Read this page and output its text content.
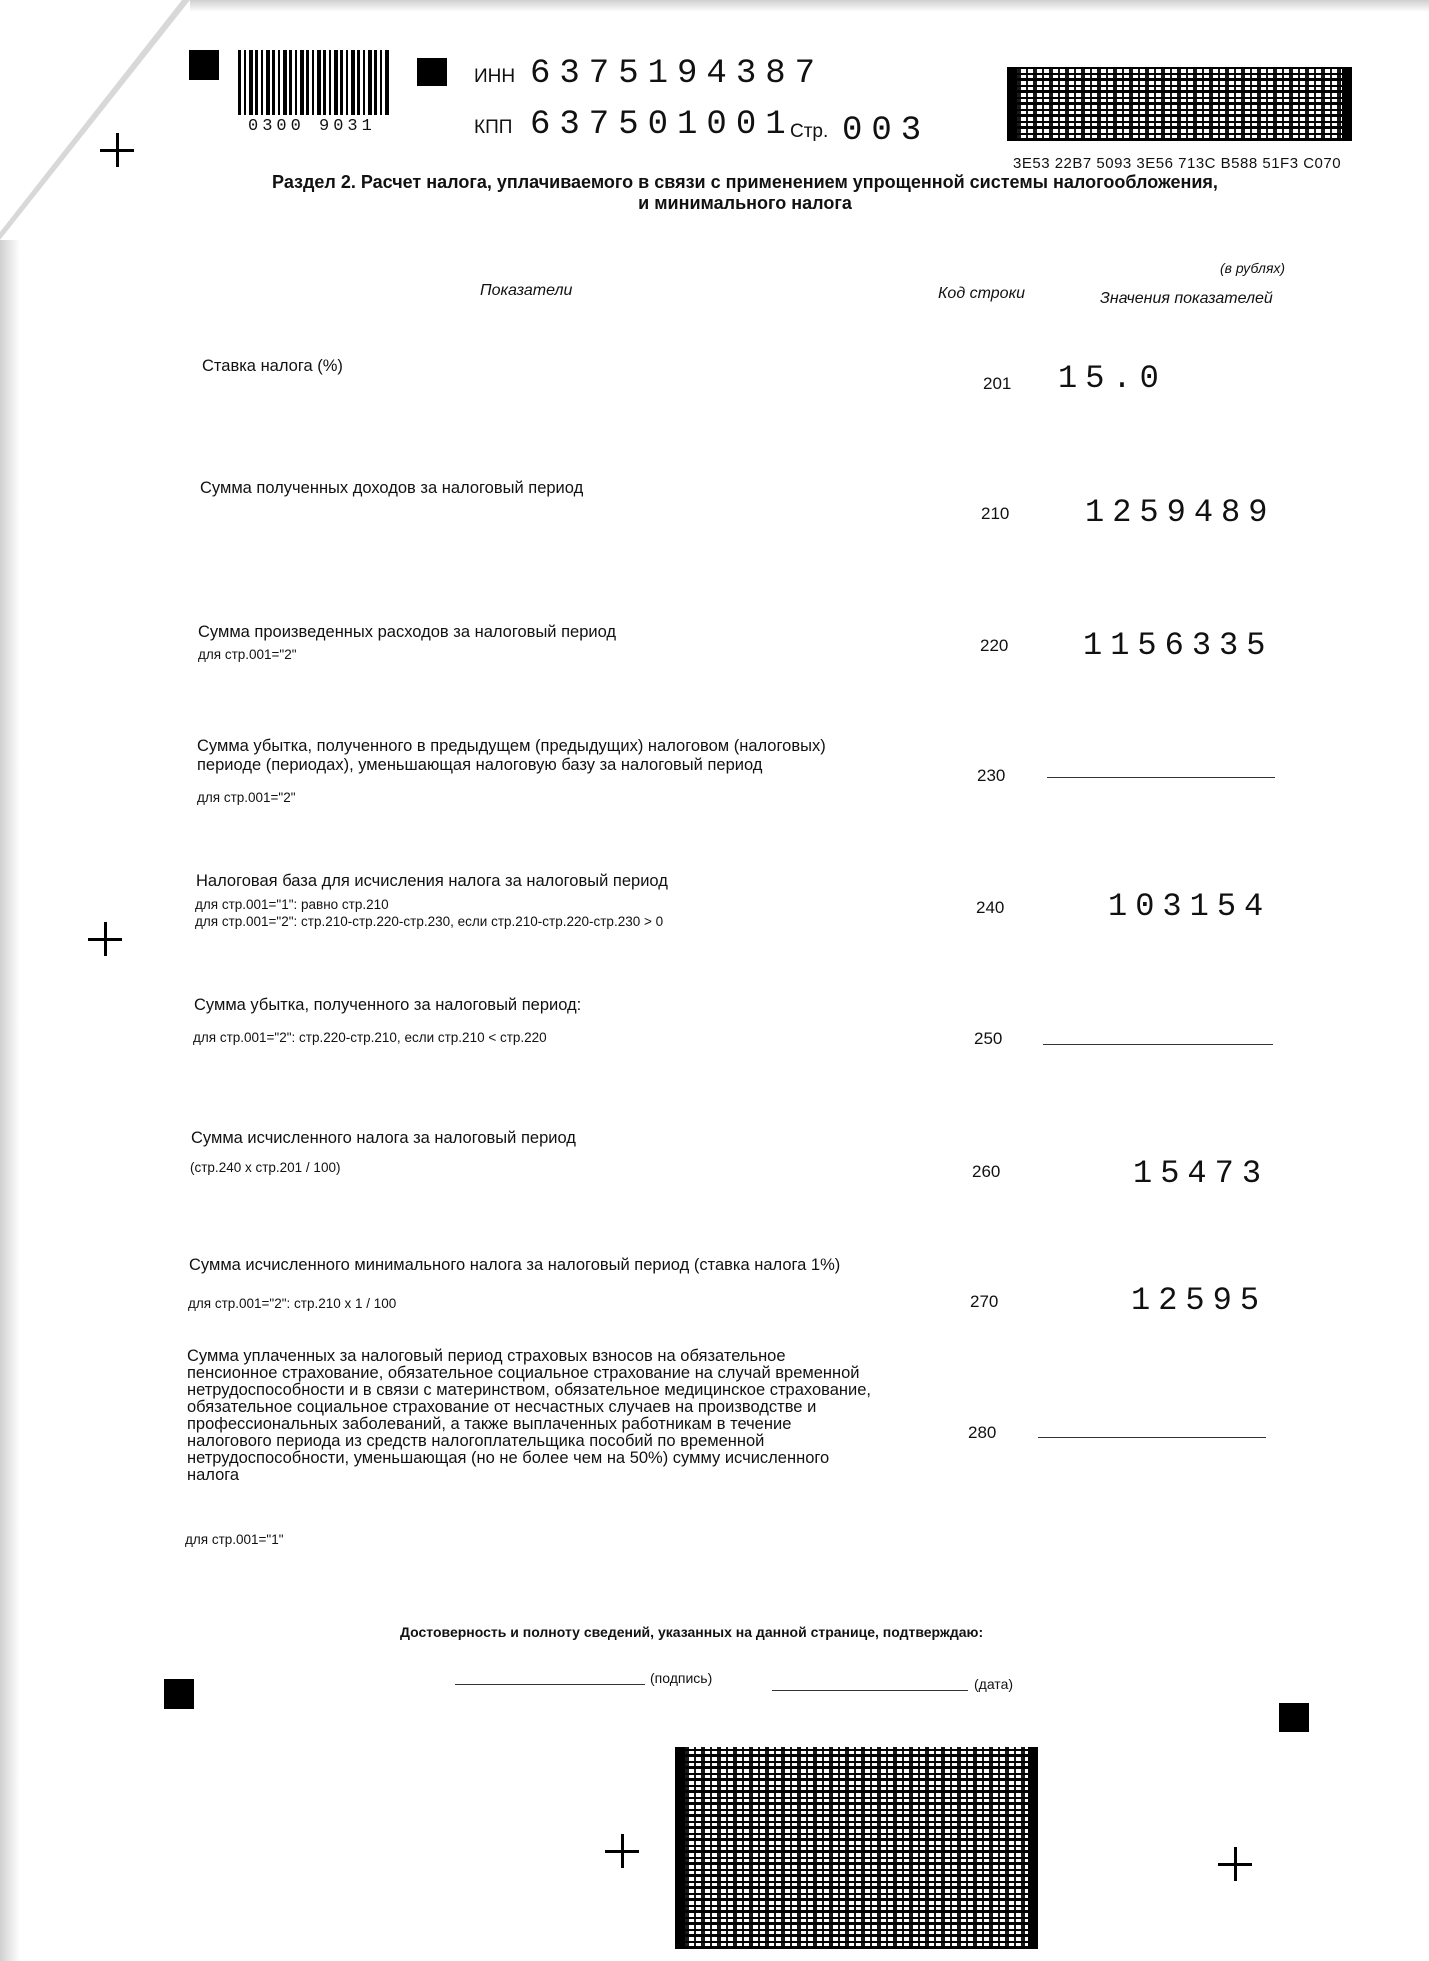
0300 9031
ИНН 6375194387
КПП 637501001
Стр. 003
3E53 22B7 5093 3E56 713C B588 51F3 C070
Раздел 2. Расчет налога, уплачиваемого в связи с применением упрощенной системы налогообложения,
и минимального налога
(в рублях)
Показатели	Код строки	Значения показателей
Ставка налога (%)
201 15.0
Сумма полученных доходов за налоговый период
210 1259489
Сумма произведенных расходов за налоговый период
для стр.001="2"	220 1156335
Сумма убытка, полученного в предыдущем (предыдущих) налоговом (налоговых)
периоде (периодах), уменьшающая налоговую базу за налоговый период
для стр.001="2"
230
Налоговая база для исчисления налога за налоговый период
для стр.001="1": равно стр.210
для стр.001="2": стр.210-стр.220-стр.230, если стр.210-стр.220-стр.230 > 0
240	103154
Сумма убытка, полученного за налоговый период:
для стр.001="2": стр.220-стр.210, если стр.210 < стр.220	250
Сумма исчисленного налога за налоговый период
(стр.240 х стр.201 / 100)	260	15473
Сумма исчисленного минимального налога за налоговый период (ставка налога 1%)
для стр.001="2": стр.210 х 1 / 100	270	12595
Сумма уплаченных за налоговый период страховых взносов на обязательное
пенсионное страхование, обязательное социальное страхование на случай временной
нетрудоспособности и в связи с материнством, обязательное медицинское страхование,
обязательное социальное страхование от несчастных случаев на производстве и
профессиональных заболеваний, а также выплаченных работникам в течение
налогового периода из средств налогоплательщика пособий по временной
нетрудоспособности, уменьшающая (но не более чем на 50%) сумму исчисленного
налога
для стр.001="1"
280
Достоверность и полноту сведений, указанных на данной странице, подтверждаю:
(подпись)	(дата)
